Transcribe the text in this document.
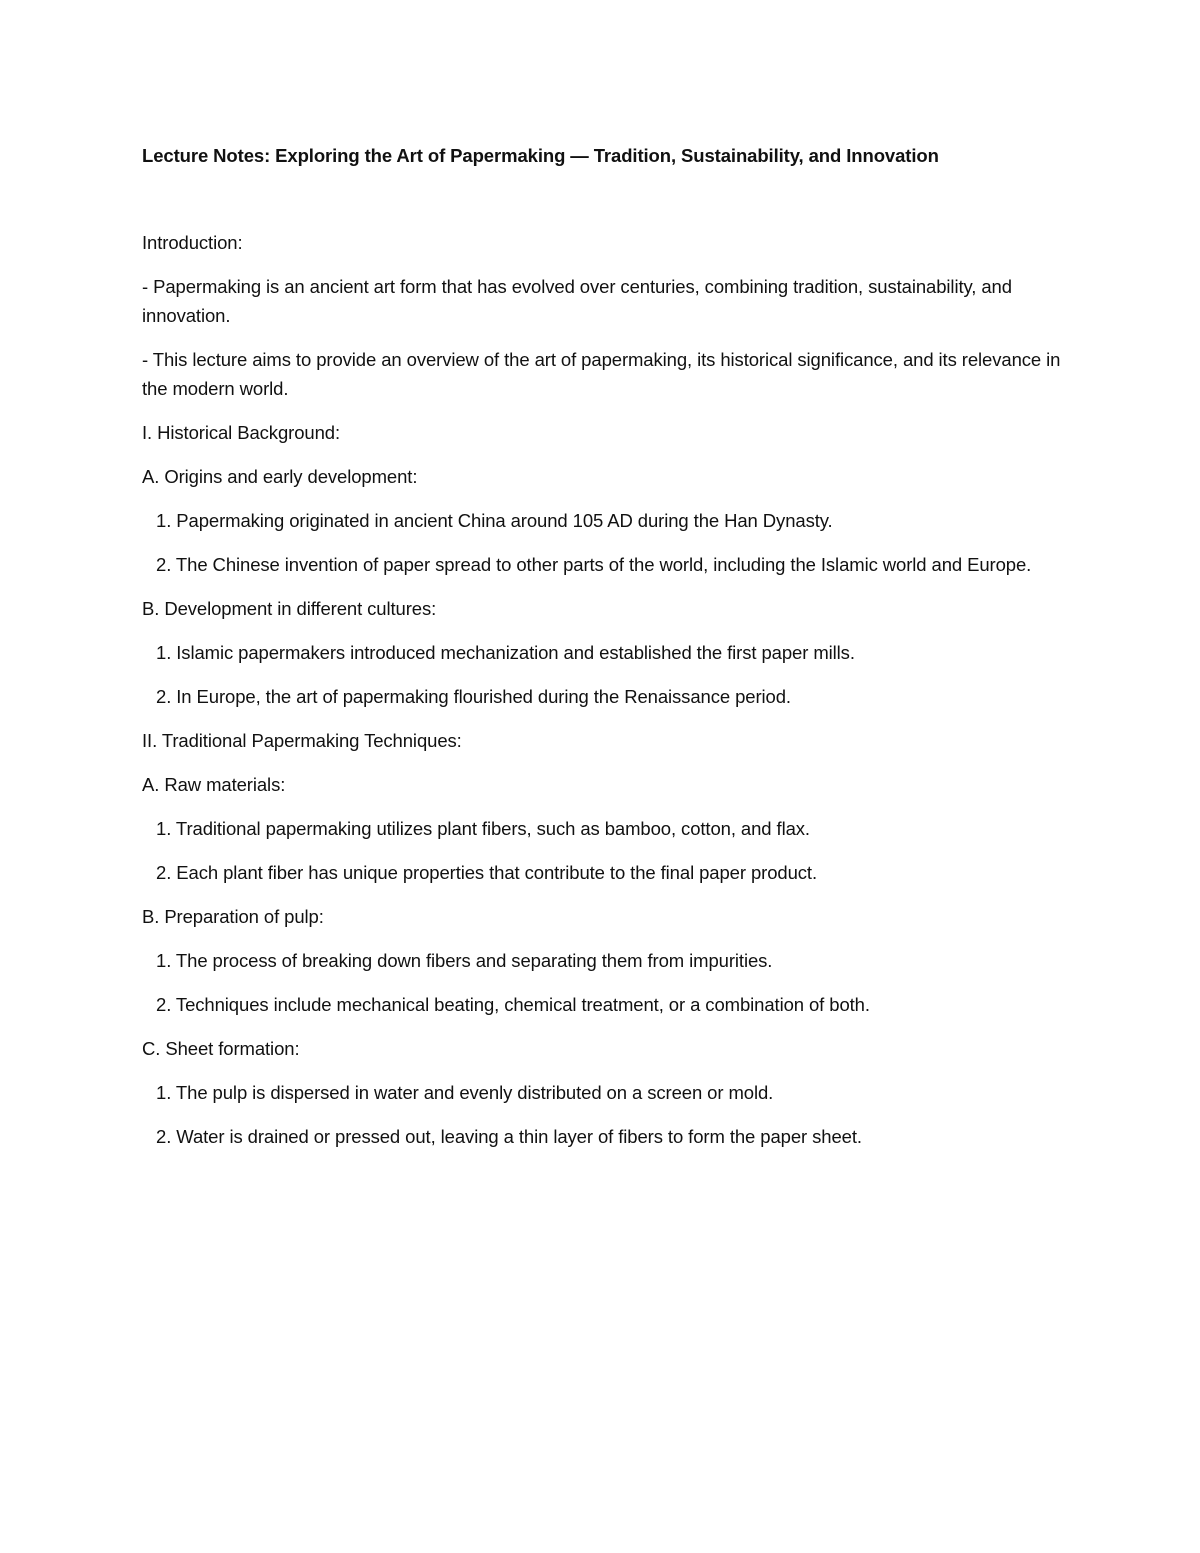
Lecture Notes: Exploring the Art of Papermaking — Tradition, Sustainability, and Innovation

Introduction:

- Papermaking is an ancient art form that has evolved over centuries, combining tradition, sustainability, and innovation.

- This lecture aims to provide an overview of the art of papermaking, its historical significance, and its relevance in the modern world.

I. Historical Background:

A. Origins and early development:

1. Papermaking originated in ancient China around 105 AD during the Han Dynasty.

2. The Chinese invention of paper spread to other parts of the world, including the Islamic world and Europe.

B. Development in different cultures:

1. Islamic papermakers introduced mechanization and established the first paper mills.

2. In Europe, the art of papermaking flourished during the Renaissance period.

II. Traditional Papermaking Techniques:

A. Raw materials:

1. Traditional papermaking utilizes plant fibers, such as bamboo, cotton, and flax.

2. Each plant fiber has unique properties that contribute to the final paper product.

B. Preparation of pulp:

1. The process of breaking down fibers and separating them from impurities.

2. Techniques include mechanical beating, chemical treatment, or a combination of both.

C. Sheet formation:

1. The pulp is dispersed in water and evenly distributed on a screen or mold.

2. Water is drained or pressed out, leaving a thin layer of fibers to form the paper sheet.
